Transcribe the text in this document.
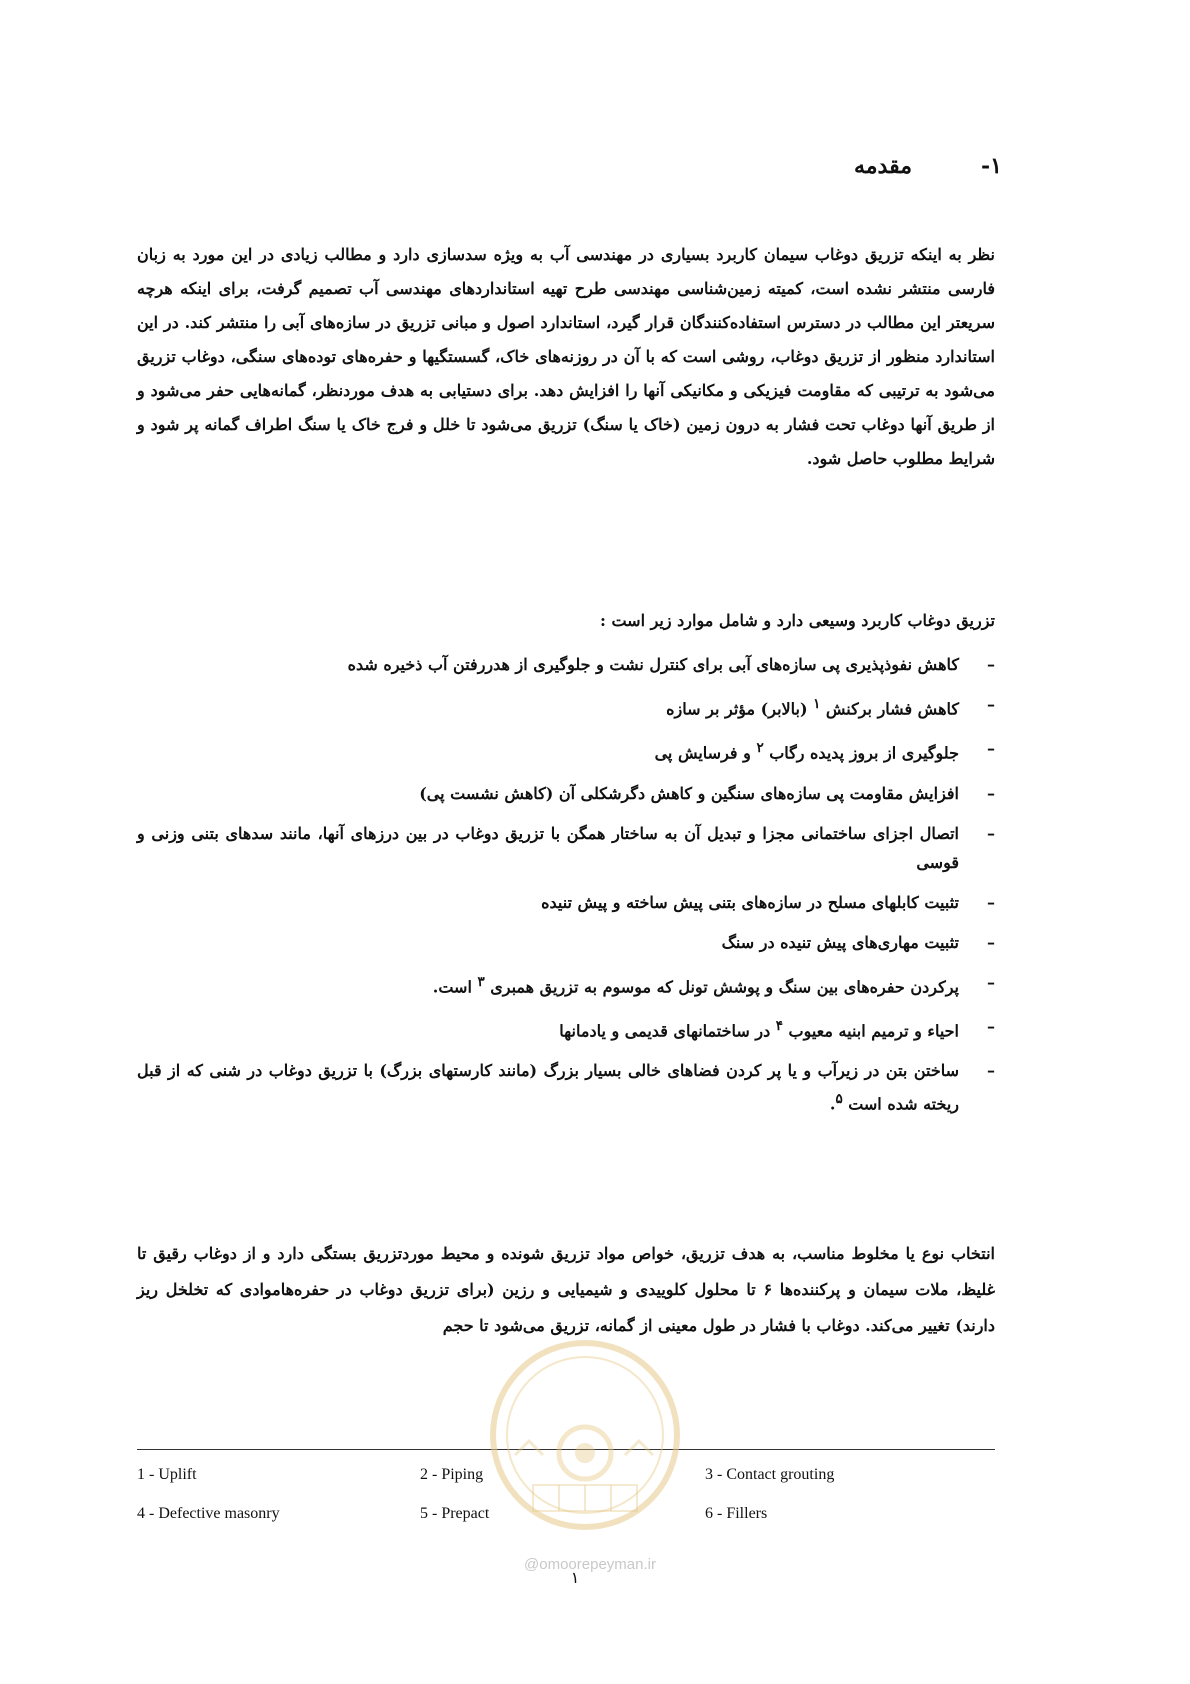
۱-
مقدمه
نظر به اینکه تزریق دوغاب سیمان کاربرد بسیاری در مهندسی آب به ویژه سدسازی دارد و مطالب زیادی در این مورد به زبان فارسی منتشر نشده است، کمیته زمین‌شناسی مهندسی طرح تهیه استانداردهای مهندسی آب تصمیم گرفت، برای اینکه هرچه سریعتر این مطالب در دسترس استفاده‌کنندگان قرار گیرد، استاندارد اصول و مبانی تزریق در سازه‌های آبی را منتشر کند. در این استاندارد منظور از تزریق دوغاب، روشی است که با آن در روزنه‌های خاک، گسستگیها و حفره‌های توده‌های سنگی، دوغاب تزریق می‌شود به ترتیبی که مقاومت فیزیکی و مکانیکی آنها را افزایش دهد. برای دستیابی به هدف موردنظر، گمانه‌هایی حفر می‌شود و از طریق آنها دوغاب تحت فشار به درون زمین (خاک یا سنگ) تزریق می‌شود تا خلل و فرج خاک یا سنگ اطراف گمانه پر شود و شرایط مطلوب حاصل شود.
تزریق دوغاب کاربرد وسیعی دارد و شامل موارد زیر است :
–
کاهش نفوذپذیری پی سازه‌های آبی برای کنترل نشت و جلوگیری از هدررفتن آب ذخیره شده
–
کاهش فشار برکنش $^۱$ (بالابر) مؤثر بر سازه
–
جلوگیری از بروز پدیده رگاب $^۲$ و فرسایش پی
–
افزایش مقاومت پی سازه‌های سنگین و کاهش دگرشکلی آن (کاهش نشست پی)
–
اتصال اجزای ساختمانی مجزا و تبدیل آن به ساختار همگن با تزریق دوغاب در بین درزهای آنها، مانند سدهای بتنی وزنی و قوسی
–
تثبیت کابلهای مسلح در سازه‌های بتنی پیش ساخته و پیش تنیده
–
تثبیت مهاری‌های پیش تنیده در سنگ
–
پرکردن حفره‌های بین سنگ و پوشش تونل که موسوم به تزریق همبری $^۳$ است.
–
احیاء و ترمیم ابنیه معیوب $^۴$ در ساختمانهای قدیمی و یادمانها
–
ساختن بتن در زیرآب و یا پر کردن فضاهای خالی بسیار بزرگ (مانند کارستهای بزرگ) با تزریق دوغاب در شنی که از قبل ریخته شده است $^۵$.
انتخاب نوع یا مخلوط مناسب، به هدف تزریق، خواص مواد تزریق شونده و محیط موردتزریق بستگی دارد و از دوغاب رقیق تا غلیظ، ملات سیمان و پرکننده‌ها ۶ تا محلول کلوییدی و شیمیایی و رزین (برای تزریق دوغاب در حفره‌هاموادی که تخلخل ریز دارند) تغییر می‌کند. دوغاب با فشار در طول معینی از گمانه، تزریق می‌شود تا حجم
1 - Uplift	2 - Piping	3 - Contact grouting
4 - Defective masonry	5 - Prepact	6 - Fillers
@omoorepeyman.ir
۱
